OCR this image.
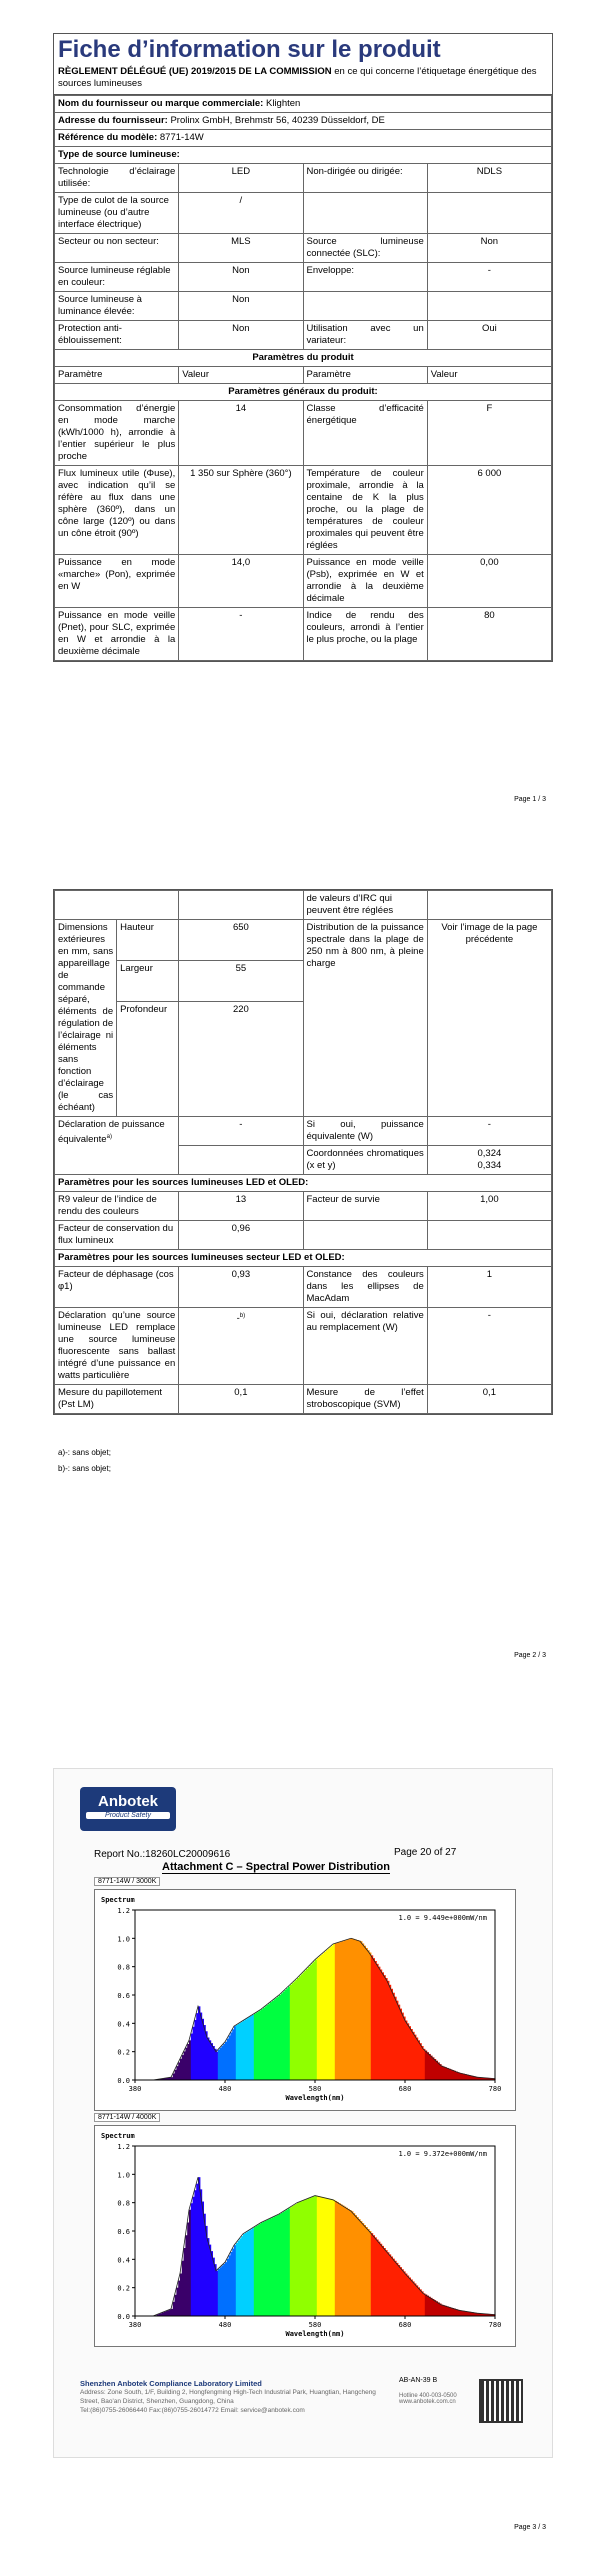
Fiche d’information sur le produit
RÈGLEMENT DÉLÉGUÉ (UE) 2019/2015 DE LA COMMISSION en ce qui concerne l’étiquetage énergétique des sources lumineuses
Nom du fournisseur ou marque commerciale: Klighten			
Adresse du fournisseur: Prolinx GmbH, Brehmstr 56, 40239 Düsseldorf, DE			
Référence du modèle: 8771-14W			
Type de source lumineuse:			
Technologie d’éclairage utilisée:	LED	Non-dirigée ou dirigée:	NDLS
Type de culot de la source lumineuse (ou d’autre interface électrique)	/		
Secteur ou non secteur:	MLS	Source lumineuse connectée (SLC):	Non
Source lumineuse réglable en couleur:	Non	Enveloppe:	-
Source lumineuse à luminance élevée:	Non		
Protection anti-éblouissement:	Non	Utilisation avec un variateur:	Oui
Paramètres du produit			
Paramètre	Valeur	Paramètre	Valeur
Paramètres généraux du produit:			
Consommation d’énergie en mode marche (kWh/1000 h), arrondie à l’entier supérieur le plus proche	14	Classe d’efficacité énergétique	F
Flux lumineux utile (Φuse), avec indication qu’il se réfère au flux dans une sphère (360º), dans un cône large (120º) ou dans un cône étroit (90º)	1 350 sur Sphère (360°)	Température de couleur proximale, arrondie à la centaine de K la plus proche, ou la plage de températures de couleur proximales qui peuvent être réglées	6 000
Puissance en mode «marche» (Pon), exprimée en W	14,0	Puissance en mode veille (Psb), exprimée en W et arrondie à la deuxième décimale	0,00
Puissance en mode veille (Pnet), pour SLC, exprimée en W et arrondie à la deuxième décimale	-	Indice de rendu des couleurs, arrondi à l’entier le plus proche, ou la plage	80
Page 1 / 3
			de valeurs d’IRC qui peuvent être réglées	
Dimensions extérieures en mm, sans appareillage de commande séparé, éléments de régulation de l’éclairage ni éléments sans fonction d’éclairage (le cas échéant)	Hauteur	650	Distribution de la puissance spectrale dans la plage de 250 nm à 800 nm, à pleine charge	Voir l’image de la page précédente
	Largeur	55		
	Profondeur	220		
Déclaration de puissance équivalente$^{a)}$		-	Si oui, puissance équivalente (W)	-
			Coordonnées chromatiques (x et y)	0,324
0,334

Paramètres pour les sources lumineuses LED et OLED:				
R9 valeur de l’indice de rendu des couleurs		13	Facteur de survie	1,00
Facteur de conservation du flux lumineux		0,96		
Paramètres pour les sources lumineuses secteur LED et OLED:				
Facteur de déphasage (cos φ1)		0,93	Constance des couleurs dans les ellipses de MacAdam	1
Déclaration qu’une source lumineuse LED remplace une source lumineuse fluorescente sans ballast intégré d’une puissance en watts particulière		-$^{b)}$	Si oui, déclaration relative au remplacement (W)	-
Mesure du papillotement (Pst LM)		0,1	Mesure de l’effet stroboscopique (SVM)	0,1
a)-: sans objet;
b)-: sans objet;
Page 2 / 3
Anbotek
Product Safety
Report No.:18260LC20009616	Page 20 of 27
Attachment C – Spectral Power Distribution
8771-14W / 3000K
0.0
0.2
0.4
0.6
0.8
1.0
1.2
380	480	580	680	780
Wavelength(nm)
Spectrum
1.0 = 9.449e+000mW/nm
8771-14W / 4000K
0.0
0.2
0.4
0.6
0.8
1.0
1.2
380	480	580	680	780
Wavelength(nm)
Spectrum
1.0 = 9.372e+000mW/nm
Shenzhen Anbotek Compliance Laboratory Limited
Address: Zone South, 1/F, Building 2, Hongfengming High-Tech Industrial Park, Huangtian, Hangcheng Street, Bao'an District, Shenzhen, Guangdong, China
Tel:(86)0755-26066440 Fax:(86)0755-26014772 Email: service@anbotek.com
AB-AN-39 B
Hotline 400-003-0500 www.anbotek.com.cn
Page 3 / 3
